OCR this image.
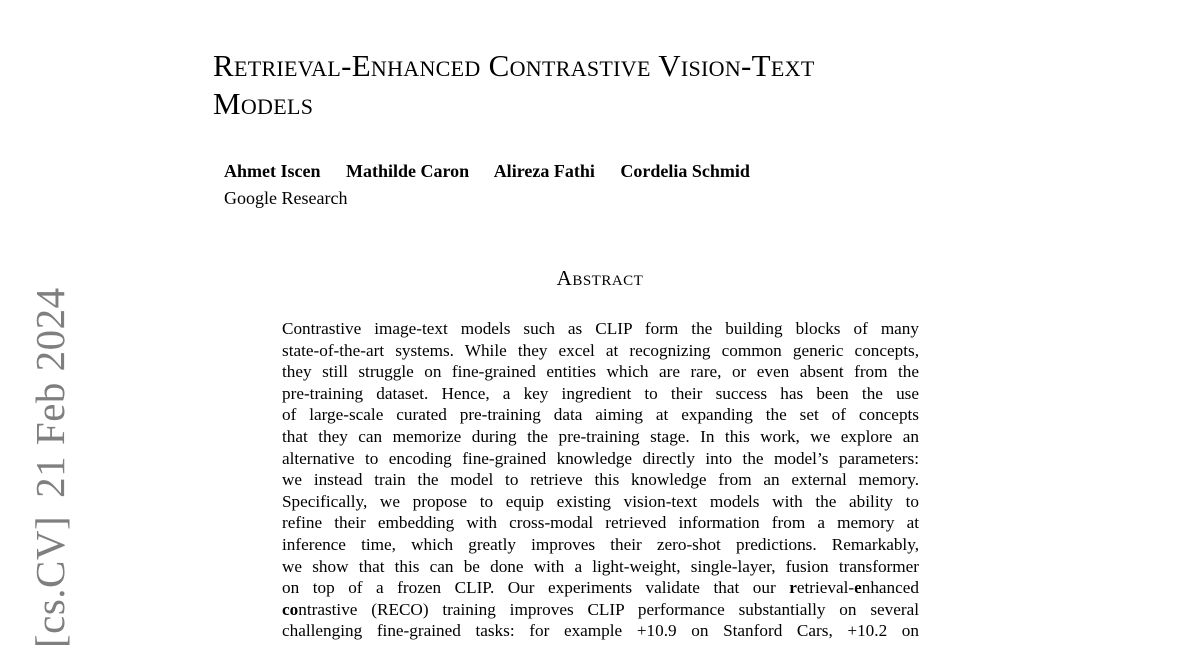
Retrieval-Enhanced Contrastive Vision-Text
Models
Ahmet Iscen Mathilde Caron Alireza Fathi Cordelia Schmid
Google Research
Abstract
Contrastive image-text models such as CLIP form the building blocks of many
state-of-the-art systems. While they excel at recognizing common generic concepts,
they still struggle on fine-grained entities which are rare, or even absent from the
pre-training dataset. Hence, a key ingredient to their success has been the use
of large-scale curated pre-training data aiming at expanding the set of concepts
that they can memorize during the pre-training stage. In this work, we explore an
alternative to encoding fine-grained knowledge directly into the model’s parameters:
we instead train the model to retrieve this knowledge from an external memory.
Specifically, we propose to equip existing vision-text models with the ability to
refine their embedding with cross-modal retrieved information from a memory at
inference time, which greatly improves their zero-shot predictions. Remarkably,
we show that this can be done with a light-weight, single-layer, fusion transformer
on top of a frozen CLIP. Our experiments validate that our retrieval-enhanced
contrastive (RECO) training improves CLIP performance substantially on several
challenging fine-grained tasks: for example +10.9 on Stanford Cars, +10.2 on
[cs.CV]21 Feb 2024
